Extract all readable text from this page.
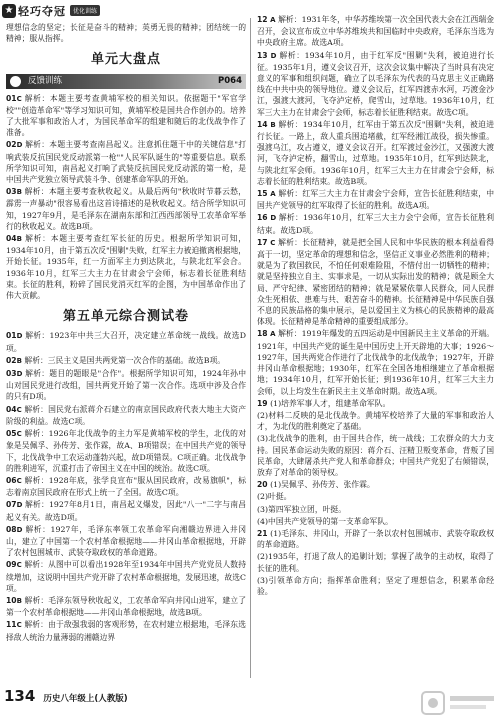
★ 轻巧夺冠	优化训练

理想信念的坚定；长征是奋斗的精神；英勇无畏的精神；团结统一的精神；服从指挥。

单元大盘点
反馈训练	P064

01C 解析：本题主要考查黄埔军校的相关知识。依据题干"军官学校""创造革命军"等学习知识可知，黄埔军校是国共合作创办的。培养了大批军事和政治人才，为国民革命军的组建和随后的北伐战争作了准备。

02D 解析：本题主要考查南昌起义。注意抓住题干中的关键信息"打响武装反抗国民党反动派第一枪""人民军队诞生的"等重要信息。联系所学知识可知，南昌起义打响了武装反抗国民党反动派的第一枪，是中国共产党独立领导武装斗争、创建革命军队的开始。

03B 解析：本题主要考查秋收起义。从最后两句"秋收时节暮云愁，霹雳一声暴动"很容易看出这首诗描述的是秋收起义。结合所学知识可知，1927年9月，是毛泽东在湖南东部和江西西部领导工农革命军举行的秋收起义。故选B项。

04B 解析：本题主要考查红军长征的历史。根据所学知识可知，1934年10月，由于第五次反"围剿"失败，红军主力被迫撤离根据地，开始长征。1935年，红一方面军主力到达陕北，与陕北红军会合。1936年10月，红军三大主力在甘肃会宁会师，标志着长征胜利结束。长征的胜利，粉碎了国民党消灭红军的企图，为中国革命作出了伟大贡献。

第五单元综合测试卷

01D 解析：1923年中共三大召开，决定建立革命统一战线。故选D项。

02B 解析：三民主义是国共两党第一次合作的基础。故选B项。

03D 解析：题目的题眼是"合作"。根据所学知识可知，1924年孙中山对国民党进行改组，国共两党开始了第一次合作。选项中涉及合作的只有D项。

04C 解析：国民党右派蒋介石建立的南京国民政府代表大地主大资产阶级的利益。故选C项。

05C 解析：1926年北伐战争的主力军是黄埔军校的学生，北伐的对象是吴佩孚、孙传芳、张作霖，故A、B项错误；在中国共产党的领导下，北伐战争中工农运动蓬勃兴起，故D项错误。C项正确。北伐战争的胜利进军，沉重打击了帝国主义在中国的统治。故选C项。

06C 解析：1928年底，张学良宣布"服从国民政府，改易旗帜"，标志着南京国民政府在形式上统一了全国。故选C项。

07D 解析：1927年8月1日，南昌起义爆发，因此"八一"二字与南昌起义有关。故选D项。

08D 解析：1927年，毛泽东率领工农革命军向湘赣边界进入井冈山，建立了中国第一个农村革命根据地——井冈山革命根据地，开辟了农村包围城市、武装夺取政权的革命道路。

09C 解析：从图中可以看出1928年至1934年中国共产党党员人数持续增加，这说明中国共产党开辟了农村革命根据地，发展迅速，故选C项。

10B 解析：毛泽东领导秋收起义，工农革命军向井冈山进军，建立了第一个农村革命根据地——井冈山革命根据地，故选B项。

11C 解析：由于敌强我弱的客观形势，在农村建立根据地，毛泽东选择敌人统治力量薄弱的湘赣边界

12 A 解析：1931年冬，中华苏维埃第一次全国代表大会在江西瑞金召开，会议宣布成立中华苏维埃共和国临时中央政府，毛泽东当选为中央政府主席。故选A项。

13 D 解析：1934年10月，由于红军反"围剿"失利，被迫进行长征。1935年1月，遵义会议召开，这次会议集中解决了当时具有决定意义的军事和组织问题，确立了以毛泽东为代表的马克思主义正确路线在中共中央的领导地位。遵义会议后，红军四渡赤水河，巧渡金沙江，强渡大渡河，飞夺泸定桥，爬雪山，过草地。1936年10月，红军三大主力在甘肃会宁会师，标志着长征胜利结束。故选C项。

14 B 解析：1934年10月，红军由于第五次反"围剿"失利，被迫进行长征。一路上，敌人重兵围追堵截，红军经湘江战役，损失惨重。强渡乌江，攻占遵义，遵义会议召开。红军渡过金沙江，又强渡大渡河，飞夺泸定桥，翻雪山，过草地。1935年10月，红军到达陕北，与陕北红军会师。1936年10月，红军三大主力在甘肃会宁会师，标志着长征的胜利结束。故选B项。

15 A 解析：红军三大主力在甘肃会宁会师，宣告长征胜利结束，中国共产党领导的红军取得了长征的胜利。故选A项。

16 D 解析：1936年10月，红军三大主力会宁会师，宣告长征胜利结束。故选D项。

17 C 解析：长征精神，就是把全国人民和中华民族的根本利益看得高于一切，坚定革命的理想和信念，坚信正义事业必然胜利的精神；就是为了救国救民，不怕任何艰难险阻，不惜付出一切牺牲的精神；就是坚持独立自主、实事求是，一切从实际出发的精神；就是顾全大局、严守纪律、紧密团结的精神；就是紧紧依靠人民群众，同人民群众生死相依、患难与共、艰苦奋斗的精神。长征精神是中华民族自强不息的民族品格的集中展示，是以爱国主义为核心的民族精神的最高体现。长征精神是革命精神的重要组成部分。

18 A 解析：1919年爆发的五四运动是中国新民主主义革命的开端。1921年，中国共产党的诞生是中国历史上开天辟地的大事；1926～1927年，国共两党合作进行了北伐战争的北伐战争；1927年，开辟井冈山革命根据地；1930年，红军在全国各地相继建立了革命根据地；1934年10月，红军开始长征；到1936年10月，红军三大主力会师，以上均发生在新民主主义革命时期。故选A项。

19 (1)培养军事人才，组建革命军队。

(2)材料二反映的是北伐战争。黄埔军校培养了大量的军事和政治人才，为北伐的胜利奠定了基础。

(3)北伐战争的胜利，由于国共合作，统一战线；工农群众的大力支持。国民革命运动失败的原因：蒋介石、汪精卫叛变革命，背叛了国民革命，大肆屠杀共产党人和革命群众；中国共产党犯了右倾错误，放弃了对革命的领导权。

20 (1)吴佩孚、孙传芳、张作霖。

(2)叶挺。

(3)第四军独立团，叶挺。

(4)中国共产党领导的第一支革命军队。

21 (1)毛泽东、井冈山，开辟了一条以农村包围城市、武装夺取政权的革命道路。

(2)1935年，打退了敌人的追剿计划；掌握了战争的主动权，取得了长征的胜利。

(3)引领革命方向；指挥革命胜利；坚定了理想信念，积累革命经验。

134 历史八年级上(人教版)
